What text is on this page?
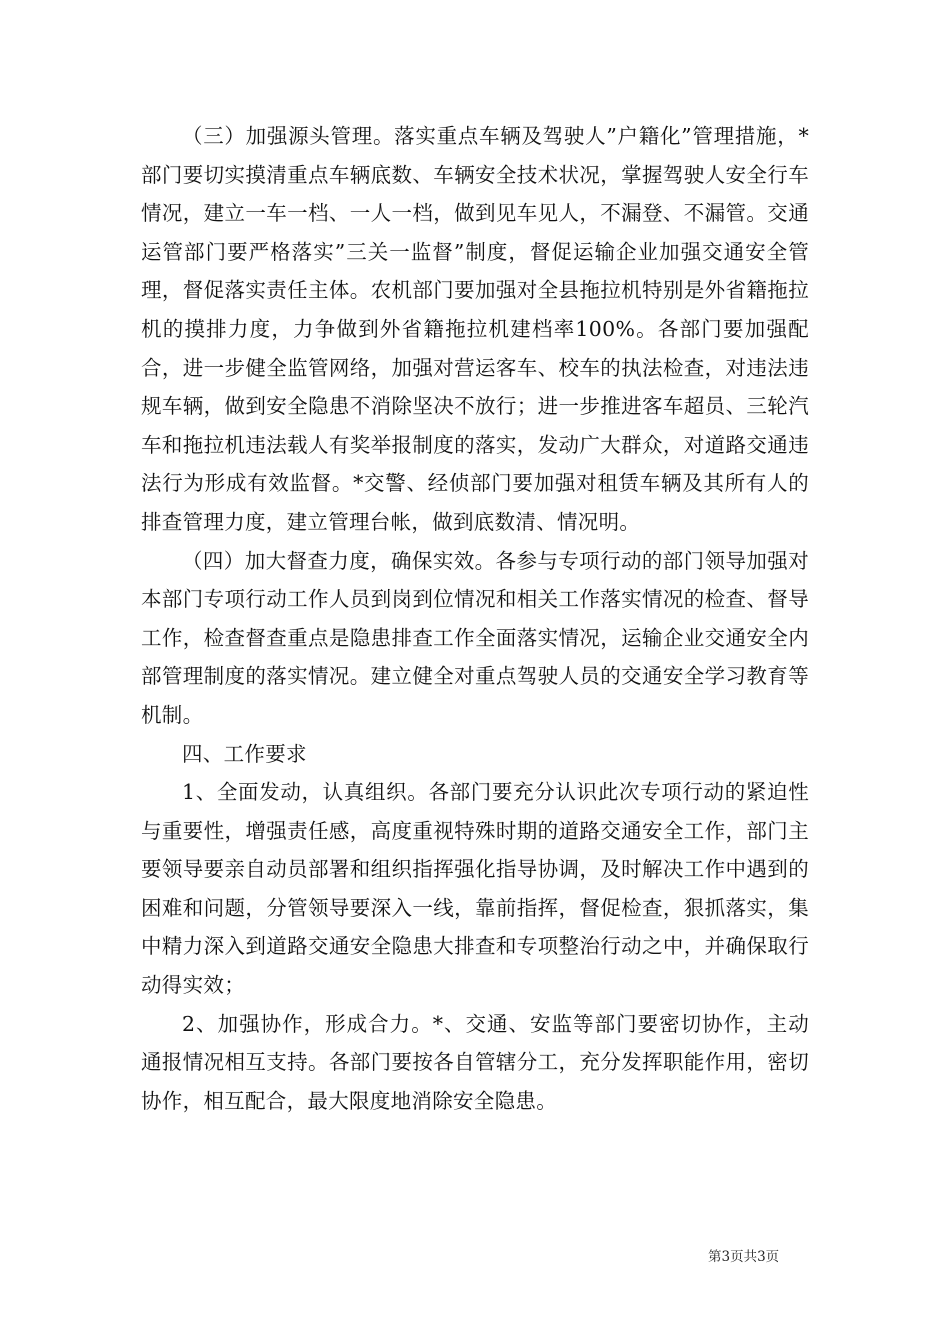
（三）加强源头管理。落实重点车辆及驾驶人”户籍化”管理措施，*部门要切实摸清重点车辆底数、车辆安全技术状况，掌握驾驶人安全行车情况，建立一车一档、一人一档，做到见车见人，不漏登、不漏管。交通运管部门要严格落实”三关一监督”制度，督促运输企业加强交通安全管理，督促落实责任主体。农机部门要加强对全县拖拉机特别是外省籍拖拉机的摸排力度，力争做到外省籍拖拉机建档率100%。各部门要加强配合，进一步健全监管网络，加强对营运客车、校车的执法检查，对违法违规车辆，做到安全隐患不消除坚决不放行；进一步推进客车超员、三轮汽车和拖拉机违法载人有奖举报制度的落实，发动广大群众，对道路交通违法行为形成有效监督。*交警、经侦部门要加强对租赁车辆及其所有人的排查管理力度，建立管理台帐，做到底数清、情况明。

（四）加大督查力度，确保实效。各参与专项行动的部门领导加强对本部门专项行动工作人员到岗到位情况和相关工作落实情况的检查、督导工作，检查督查重点是隐患排查工作全面落实情况，运输企业交通安全内部管理制度的落实情况。建立健全对重点驾驶人员的交通安全学习教育等机制。

四、工作要求

1、全面发动，认真组织。各部门要充分认识此次专项行动的紧迫性与重要性，增强责任感，高度重视特殊时期的道路交通安全工作，部门主要领导要亲自动员部署和组织指挥强化指导协调，及时解决工作中遇到的困难和问题，分管领导要深入一线，靠前指挥，督促检查，狠抓落实，集中精力深入到道路交通安全隐患大排查和专项整治行动之中，并确保取行动得实效；

2、加强协作，形成合力。*、交通、安监等部门要密切协作，主动通报情况相互支持。各部门要按各自管辖分工，充分发挥职能作用，密切协作，相互配合，最大限度地消除安全隐患。

第3页共3页
